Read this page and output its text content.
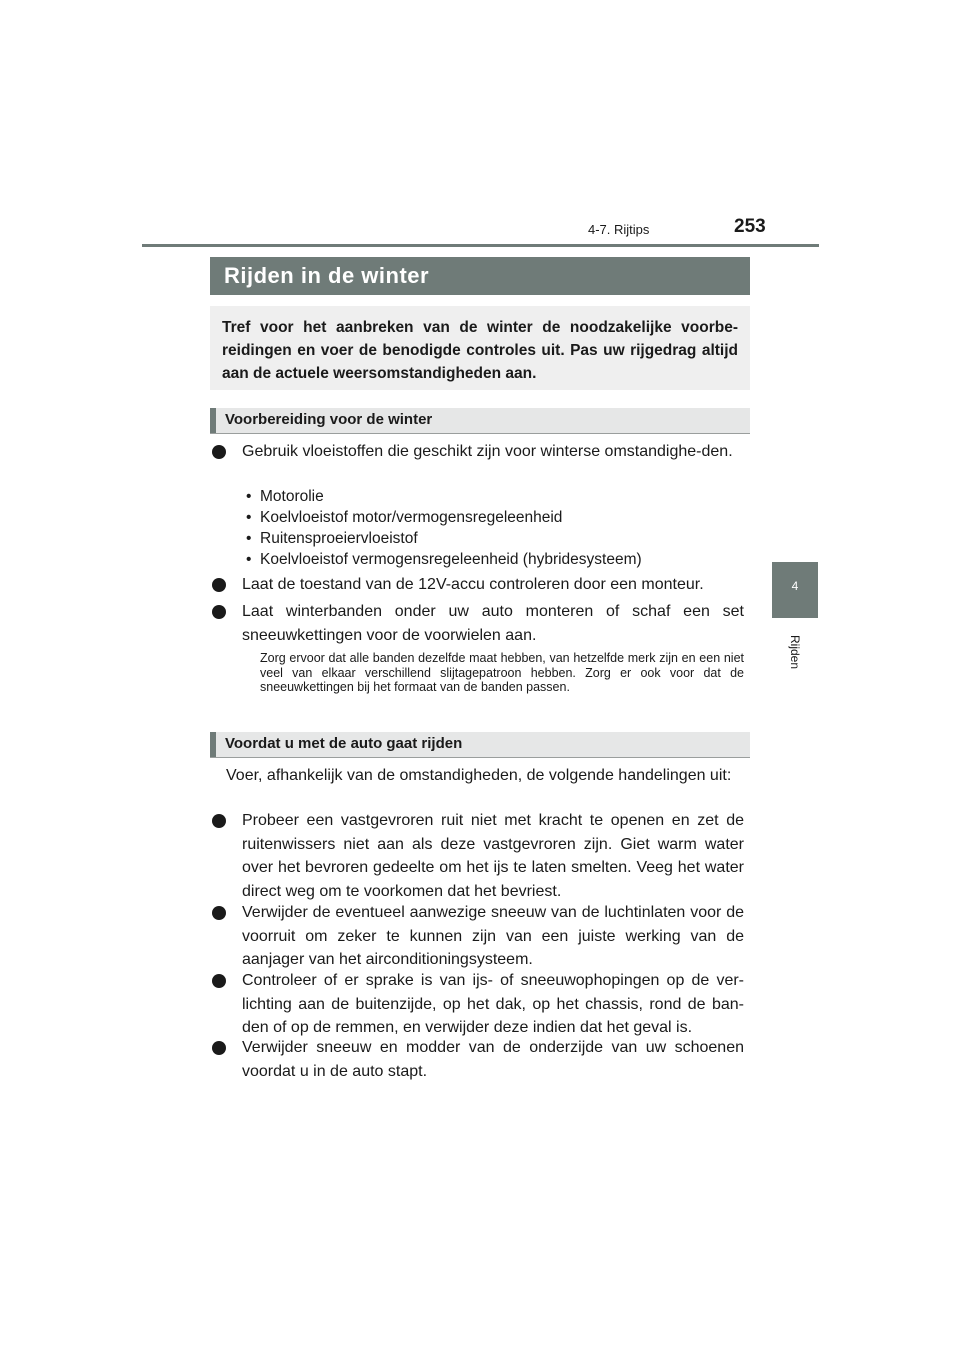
253
4-7. Rijtips
4
Rijden
Rijden in de winter
Tref voor het aanbreken van de winter de noodzakelijke voorbe-reidingen en voer de benodigde controles uit. Pas uw rijgedrag altijd aan de actuele weersomstandigheden aan.
Voorbereiding voor de winter
Gebruik vloeistoffen die geschikt zijn voor winterse omstandighe-den.
• Motorolie
• Koelvloeistof motor/vermogensregeleenheid
• Ruitensproeiervloeistof
• Koelvloeistof vermogensregeleenheid (hybridesysteem)
Laat de toestand van de 12V-accu controleren door een monteur.
Laat winterbanden onder uw auto monteren of schaf een set sneeuwkettingen voor de voorwielen aan.
Zorg ervoor dat alle banden dezelfde maat hebben, van hetzelfde merk zijn en een niet veel van elkaar verschillend slijtagepatroon hebben. Zorg er ook voor dat de sneeuwkettingen bij het formaat van de banden passen.
Voordat u met de auto gaat rijden
Voer, afhankelijk van de omstandigheden, de volgende handelingen uit:
Probeer een vastgevroren ruit niet met kracht te openen en zet de ruitenwissers niet aan als deze vastgevroren zijn. Giet warm water over het bevroren gedeelte om het ijs te laten smelten. Veeg het water direct weg om te voorkomen dat het bevriest.
Verwijder de eventueel aanwezige sneeuw van de luchtinlaten voor de voorruit om zeker te kunnen zijn van een juiste werking van de aanjager van het airconditioningsysteem.
Controleer of er sprake is van ijs- of sneeuwophopingen op de ver-lichting aan de buitenzijde, op het dak, op het chassis, rond de ban-den of op de remmen, en verwijder deze indien dat het geval is.
Verwijder sneeuw en modder van de onderzijde van uw schoenen voordat u in de auto stapt.
